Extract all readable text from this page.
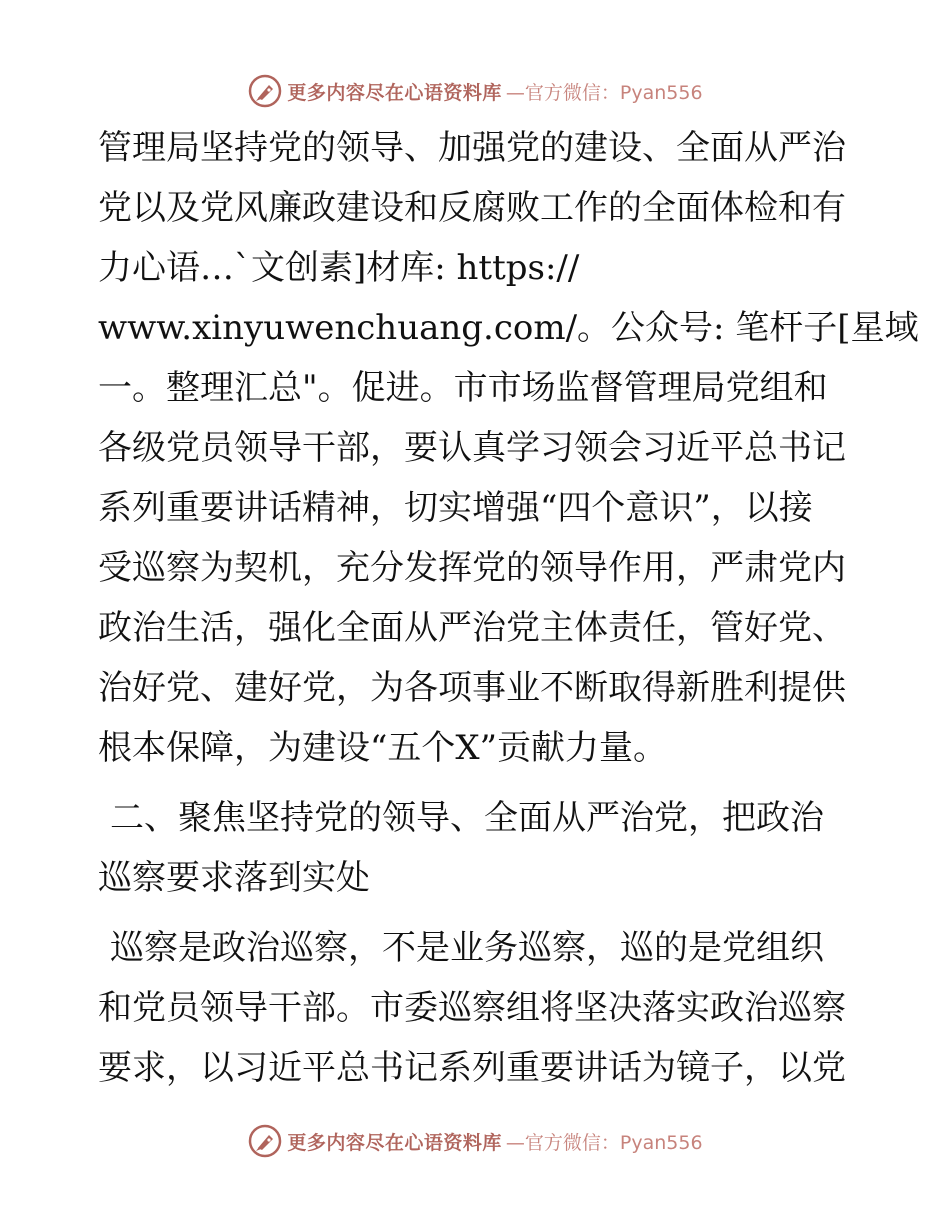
更多内容尽在心语资料库 —官方微信：Pyan556
管理局坚持党的领导、加强党的建设、全面从严治
党以及党风廉政建设和反腐败工作的全面体检和有
力心语…`文创素]材库: https://
www.xinyuwenchuang.com/。公众号: 笔杆子[星域
一。整理汇总"。促进。市市场监督管理局党组和
各级党员领导干部，要认真学习领会习近平总书记
系列重要讲话精神，切实增强“四个意识”，以接
受巡察为契机，充分发挥党的领导作用，严肃党内
政治生活，强化全面从严治党主体责任，管好党、
治好党、建好党，为各项事业不断取得新胜利提供
根本保障，为建设“五个X”贡献力量。
二、聚焦坚持党的领导、全面从严治党，把政治
巡察要求落到实处
巡察是政治巡察，不是业务巡察，巡的是党组织
和党员领导干部。市委巡察组将坚决落实政治巡察
要求，以习近平总书记系列重要讲话为镜子，以党
更多内容尽在心语资料库 —官方微信：Pyan556
